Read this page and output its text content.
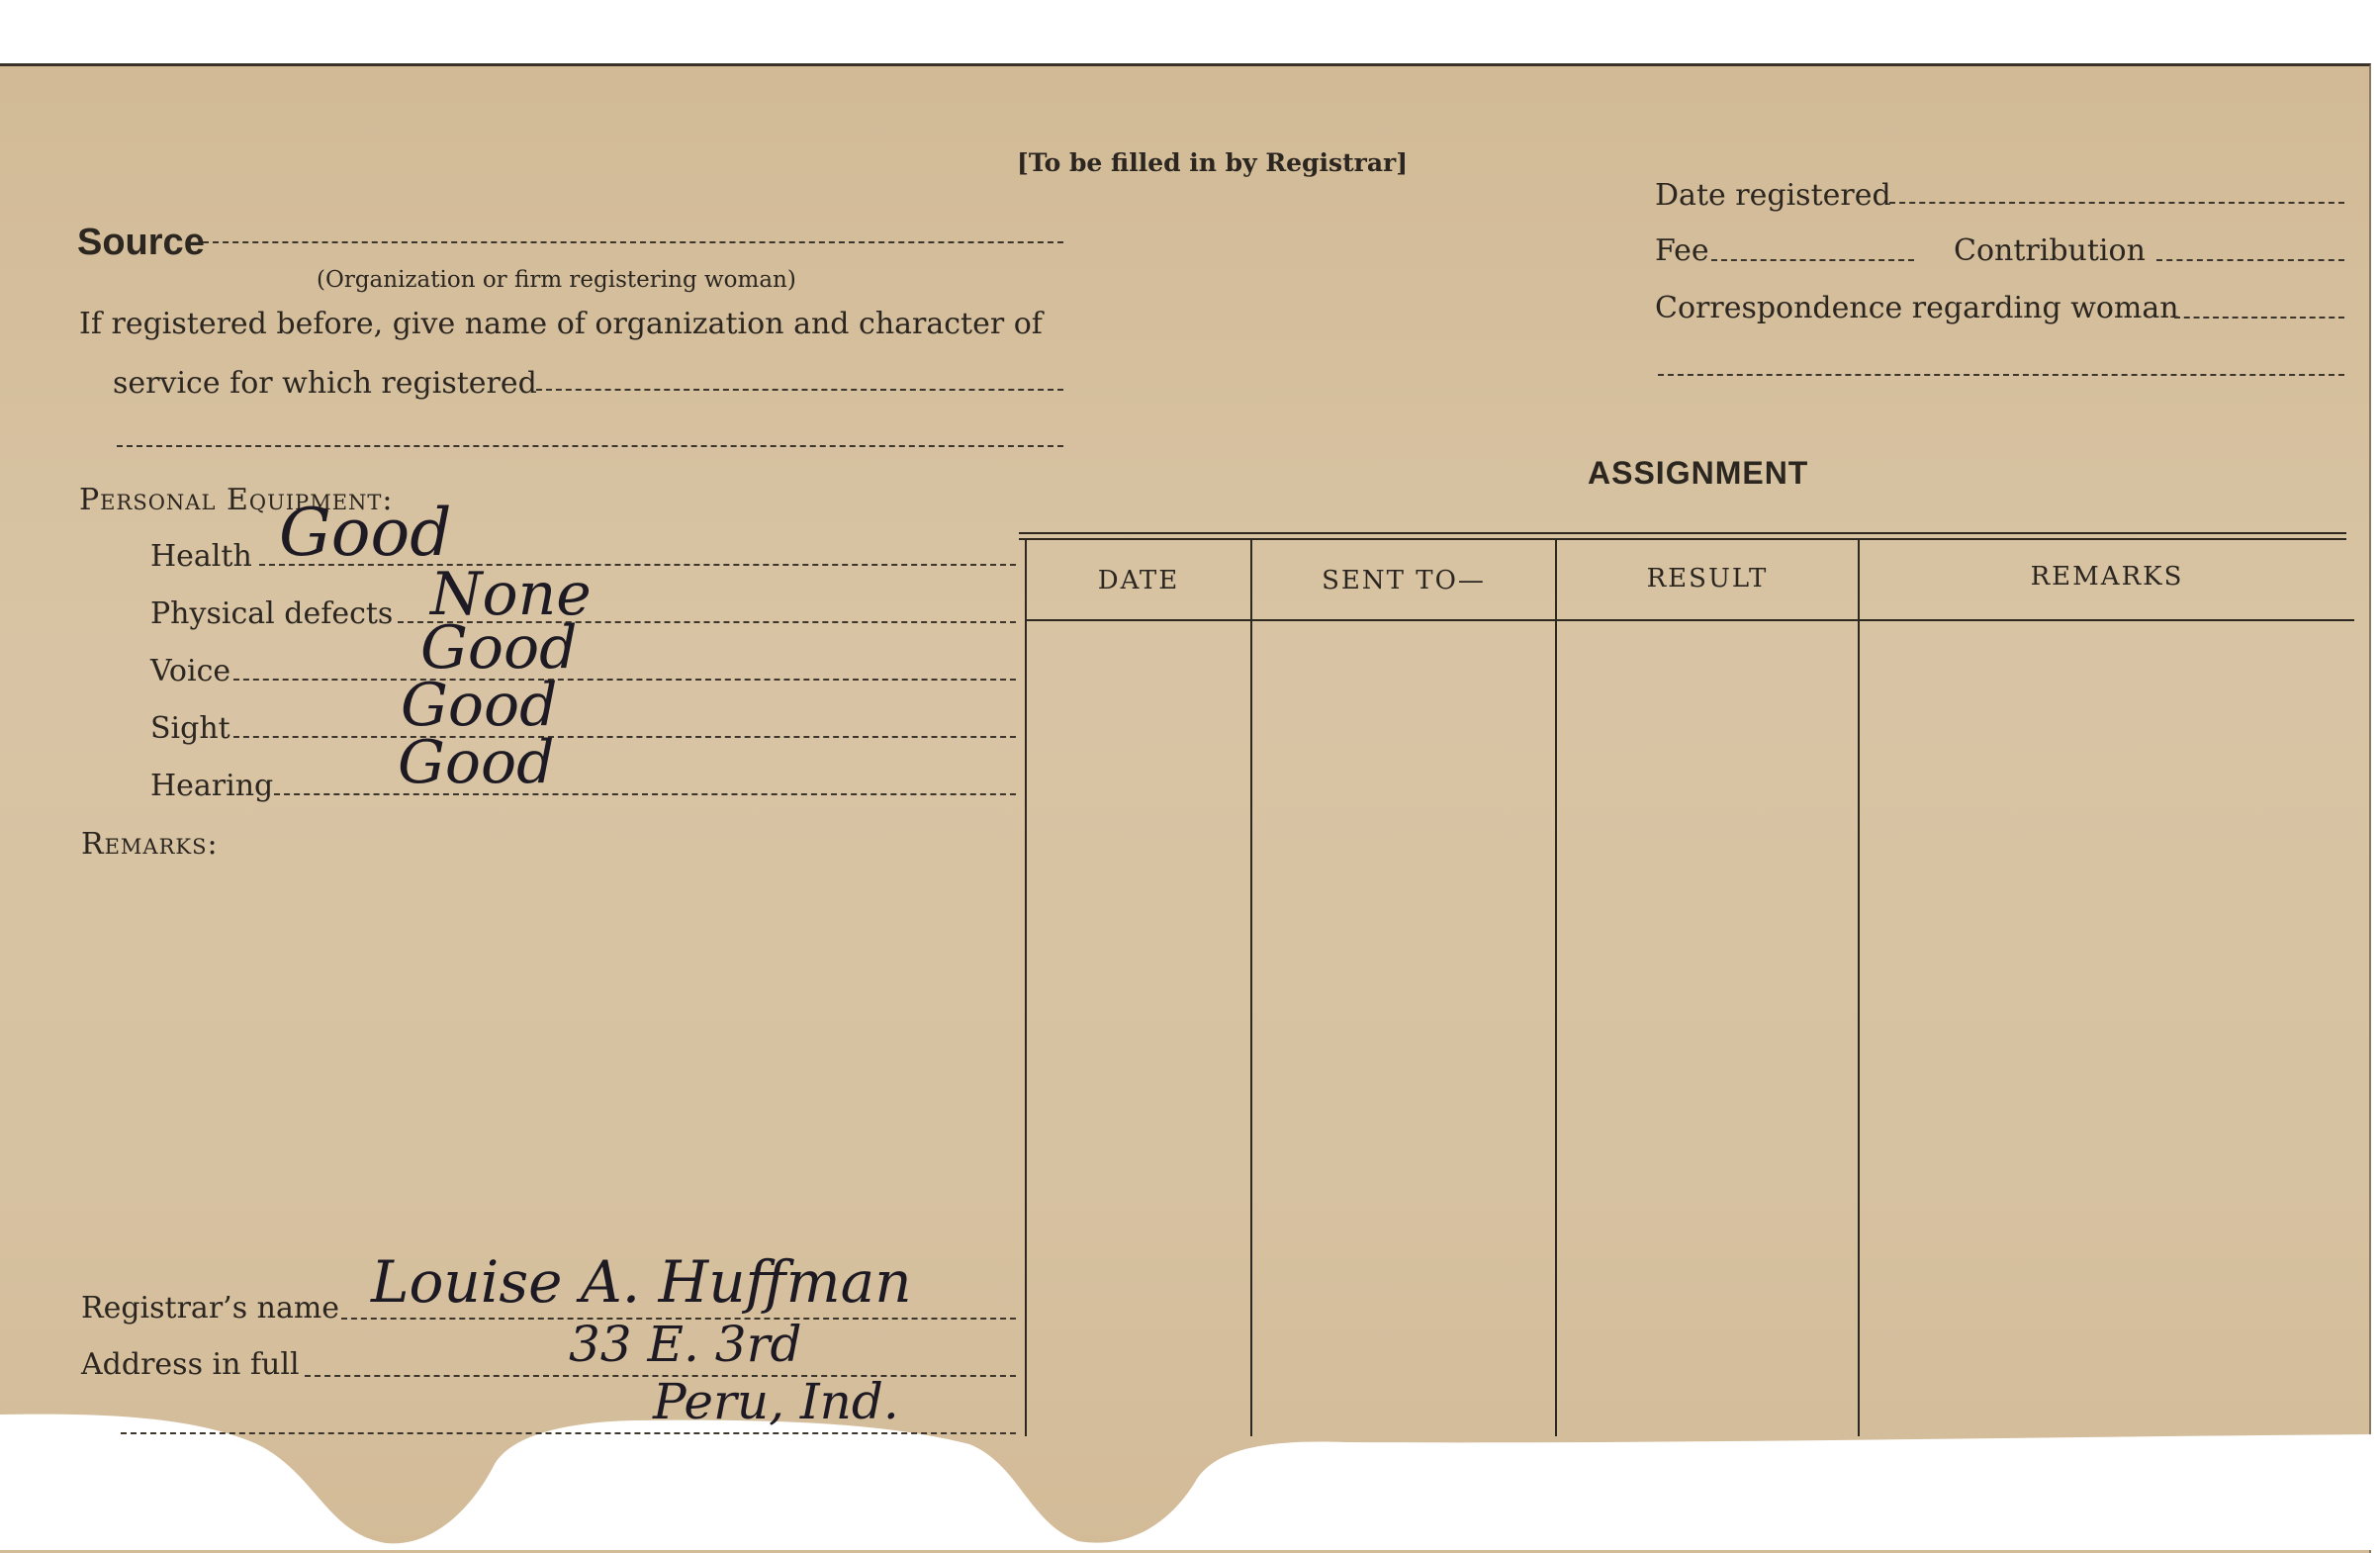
[To be filled in by Registrar]
Source
(Organization or firm registering woman)
If registered before, give name of organization and character of
service for which registered
Date registered
Fee	Contribution
Correspondence regarding woman
Personal Equipment:
Health Good
Physical defects None
Voice	Good
Sight	Good
Hearing Good
Remarks:
ASSIGNMENT
DATE	SENT TO—	RESULT	REMARKS
Registrar’s name Louise A. Huffman
Address in full	33 E. 3rd
Peru, Ind.
